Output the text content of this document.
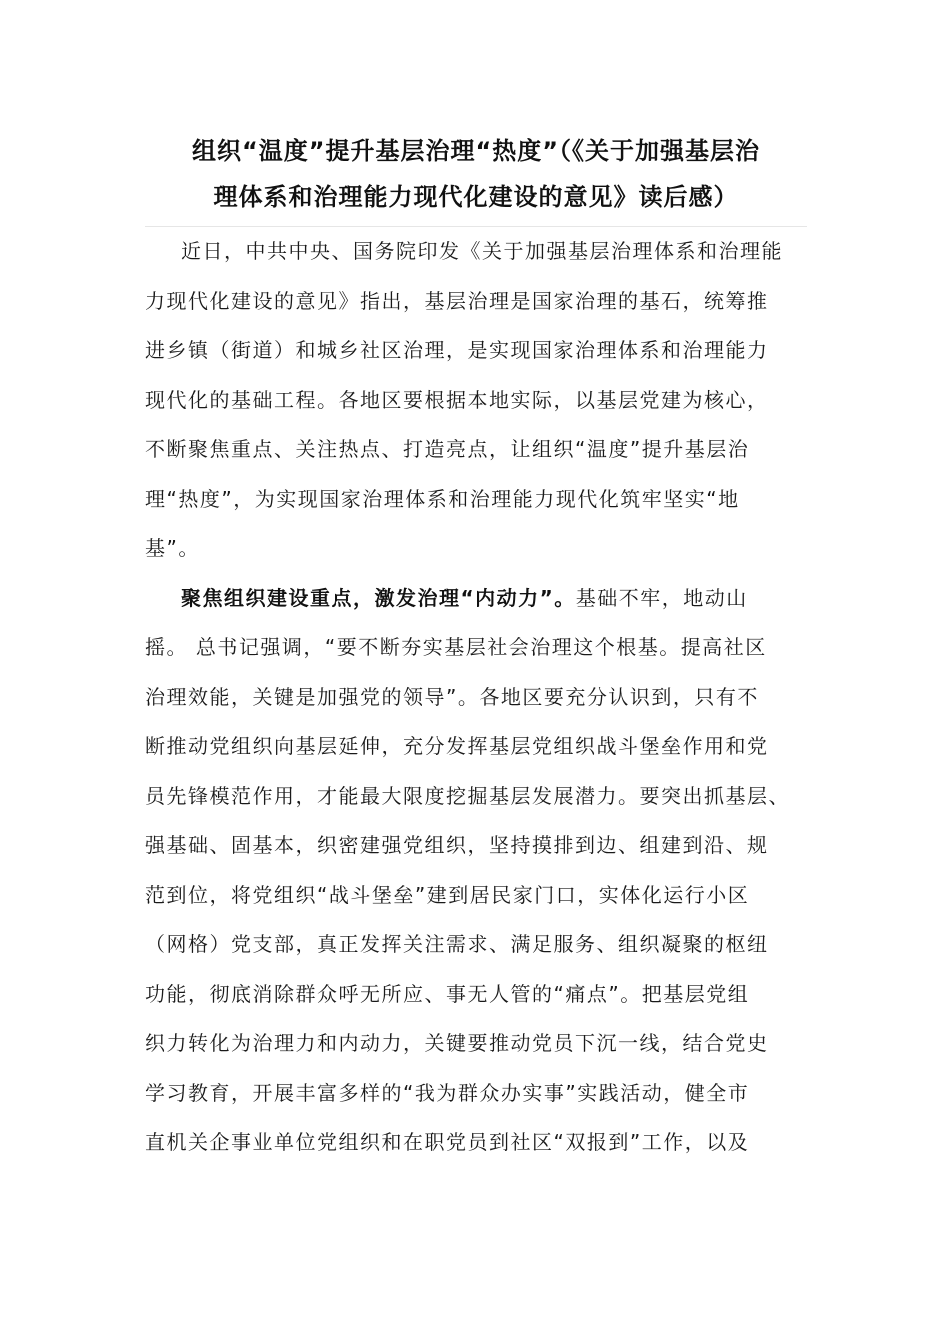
组织“温度”提升基层治理“热度”（《关于加强基层治
理体系和治理能力现代化建设的意见》读后感）
近日，中共中央、国务院印发《关于加强基层治理体系和治理能
力现代化建设的意见》指出，基层治理是国家治理的基石，统筹推
进乡镇（街道）和城乡社区治理，是实现国家治理体系和治理能力
现代化的基础工程。各地区要根据本地实际，以基层党建为核心，
不断聚焦重点、关注热点、打造亮点，让组织“温度”提升基层治
理“热度”，为实现国家治理体系和治理能力现代化筑牢坚实“地
基”。
聚焦组织建设重点，激发治理“内动力”。基础不牢，地动山
摇。 总书记强调，“要不断夯实基层社会治理这个根基。提高社区
治理效能，关键是加强党的领导”。各地区要充分认识到，只有不
断推动党组织向基层延伸，充分发挥基层党组织战斗堡垒作用和党
员先锋模范作用，才能最大限度挖掘基层发展潜力。要突出抓基层、
强基础、固基本，织密建强党组织，坚持摸排到边、组建到沿、规
范到位，将党组织“战斗堡垒”建到居民家门口，实体化运行小区
（网格）党支部，真正发挥关注需求、满足服务、组织凝聚的枢纽
功能，彻底消除群众呼无所应、事无人管的“痛点”。把基层党组
织力转化为治理力和内动力，关键要推动党员下沉一线，结合党史
学习教育，开展丰富多样的“我为群众办实事”实践活动，健全市
直机关企事业单位党组织和在职党员到社区“双报到”工作，以及
